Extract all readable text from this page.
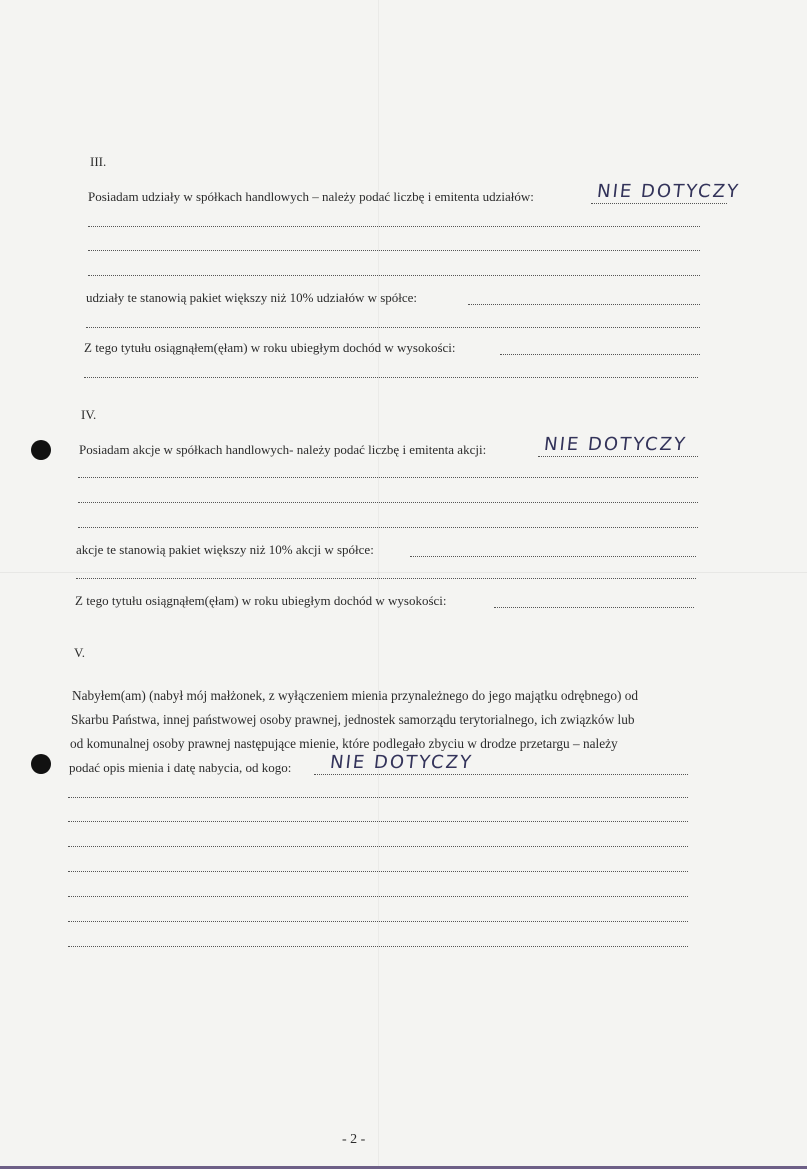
III.
Posiadam udziały w spółkach handlowych – należy podać liczbę i emitenta udziałów:	NIE DOTYCZY
udziały te stanowią pakiet większy niż 10% udziałów w spółce:
Z tego tytułu osiągnąłem(ęłam) w roku ubiegłym dochód w wysokości:
IV.
Posiadam akcje w spółkach handlowych- należy podać liczbę i emitenta akcji:	NIE DOTYCZY
akcje te stanowią pakiet większy niż 10% akcji w spółce:
Z tego tytułu osiągnąłem(ęłam) w roku ubiegłym dochód w wysokości:
V.
Nabyłem(am) (nabył mój małżonek, z wyłączeniem mienia przynależnego do jego majątku odrębnego) od
Skarbu Państwa, innej państwowej osoby prawnej, jednostek samorządu terytorialnego, ich związków lub
od komunalnej osoby prawnej następujące mienie, które podlegało zbyciu w drodze przetargu – należy
podać opis mienia i datę nabycia, od kogo: NIE DOTYCZY
- 2 -
